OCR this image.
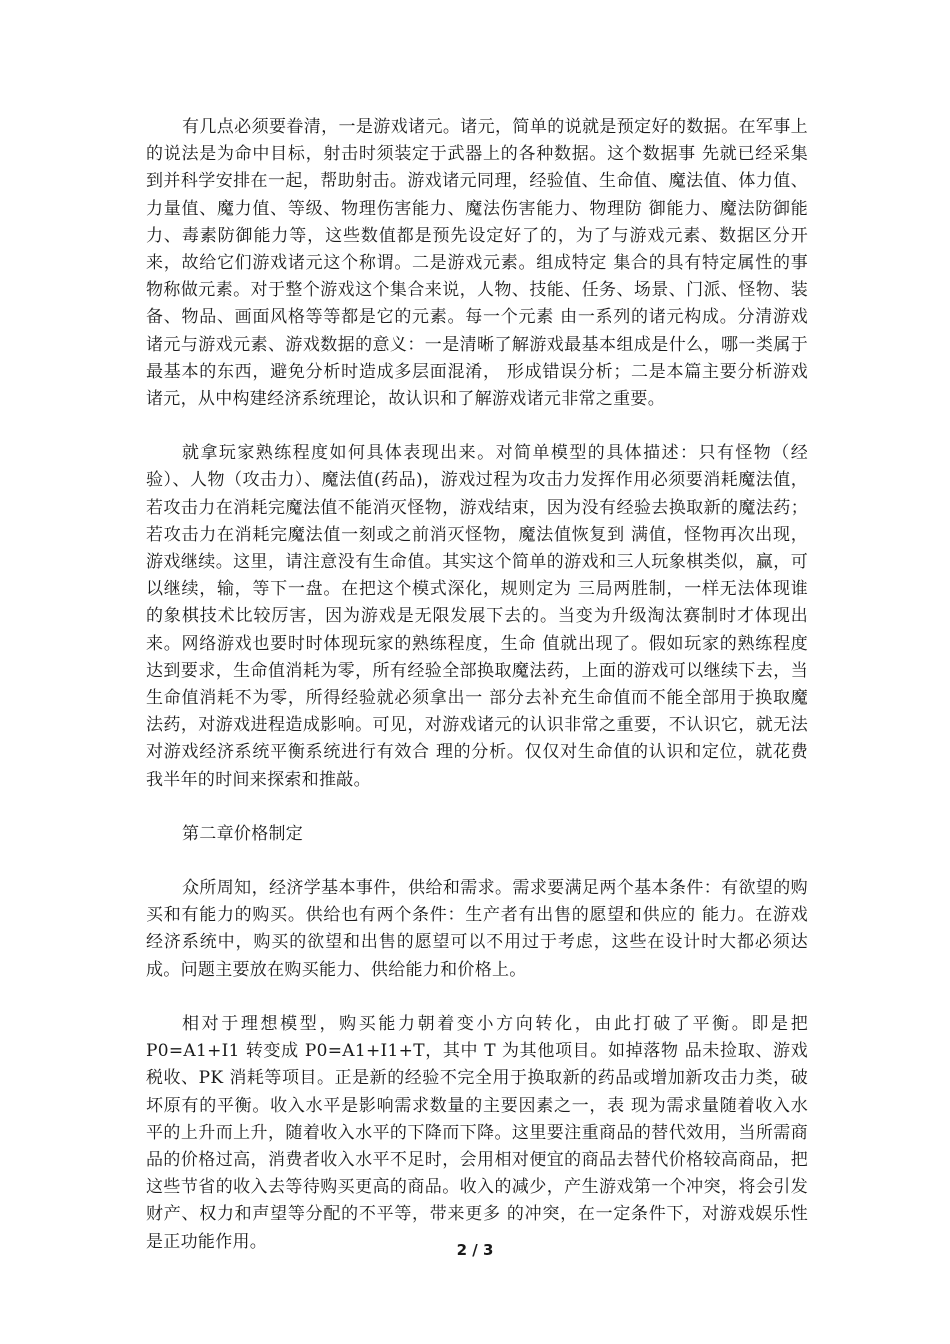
有几点必须要眷清，一是游戏诸元。诸元，简单的说就是预定好的数据。在军事上的说法是为命中目标，射击时须装定于武器上的各种数据。这个数据事 先就已经采集到并科学安排在一起，帮助射击。游戏诸元同理，经验值、生命值、魔法值、体力值、力量值、魔力值、等级、物理伤害能力、魔法伤害能力、物理防 御能力、魔法防御能力、毒素防御能力等，这些数值都是预先设定好了的，为了与游戏元素、数据区分开来，故给它们游戏诸元这个称谓。二是游戏元素。组成特定 集合的具有特定属性的事物称做元素。对于整个游戏这个集合来说，人物、技能、任务、场景、门派、怪物、装备、物品、画面风格等等都是它的元素。每一个元素 由一系列的诸元构成。分清游戏诸元与游戏元素、游戏数据的意义：一是清晰了解游戏最基本组成是什么，哪一类属于最基本的东西，避免分析时造成多层面混淆， 形成错误分析；二是本篇主要分析游戏诸元，从中构建经济系统理论，故认识和了解游戏诸元非常之重要。

就拿玩家熟练程度如何具体表现出来。对简单模型的具体描述：只有怪物（经验）、人物（攻击力）、魔法值(药品)，游戏过程为攻击力发挥作用必须要消耗魔法值，若攻击力在消耗完魔法值不能消灭怪物，游戏结束，因为没有经验去换取新的魔法药；若攻击力在消耗完魔法值一刻或之前消灭怪物，魔法值恢复到 满值，怪物再次出现，游戏继续。这里，请注意没有生命值。其实这个简单的游戏和三人玩象棋类似，赢，可以继续，输，等下一盘。在把这个模式深化，规则定为 三局两胜制，一样无法体现谁的象棋技术比较厉害，因为游戏是无限发展下去的。当变为升级淘汰赛制时才体现出来。网络游戏也要时时体现玩家的熟练程度，生命 值就出现了。假如玩家的熟练程度达到要求，生命值消耗为零，所有经验全部换取魔法药，上面的游戏可以继续下去，当生命值消耗不为零，所得经验就必须拿出一 部分去补充生命值而不能全部用于换取魔法药，对游戏进程造成影响。可见，对游戏诸元的认识非常之重要，不认识它，就无法对游戏经济系统平衡系统进行有效合 理的分析。仅仅对生命值的认识和定位，就花费我半年的时间来探索和推敲。

第二章价格制定

众所周知，经济学基本事件，供给和需求。需求要满足两个基本条件：有欲望的购买和有能力的购买。供给也有两个条件：生产者有出售的愿望和供应的 能力。在游戏经济系统中，购买的欲望和出售的愿望可以不用过于考虑，这些在设计时大都必须达成。问题主要放在购买能力、供给能力和价格上。

相对于理想模型，购买能力朝着变小方向转化，由此打破了平衡。即是把P0=A1+I1 转变成 P0=A1+I1+T，其中 T 为其他项目。如掉落物 品未捡取、游戏税收、PK 消耗等项目。正是新的经验不完全用于换取新的药品或增加新攻击力类，破坏原有的平衡。收入水平是影响需求数量的主要因素之一，表 现为需求量随着收入水平的上升而上升，随着收入水平的下降而下降。这里要注重商品的替代效用，当所需商品的价格过高，消费者收入水平不足时，会用相对便宜的商品去替代价格较高商品，把这些节省的收入去等待购买更高的商品。收入的减少，产生游戏第一个冲突，将会引发财产、权力和声望等分配的不平等，带来更多 的冲突，在一定条件下，对游戏娱乐性是正功能作用。	2 / 3
